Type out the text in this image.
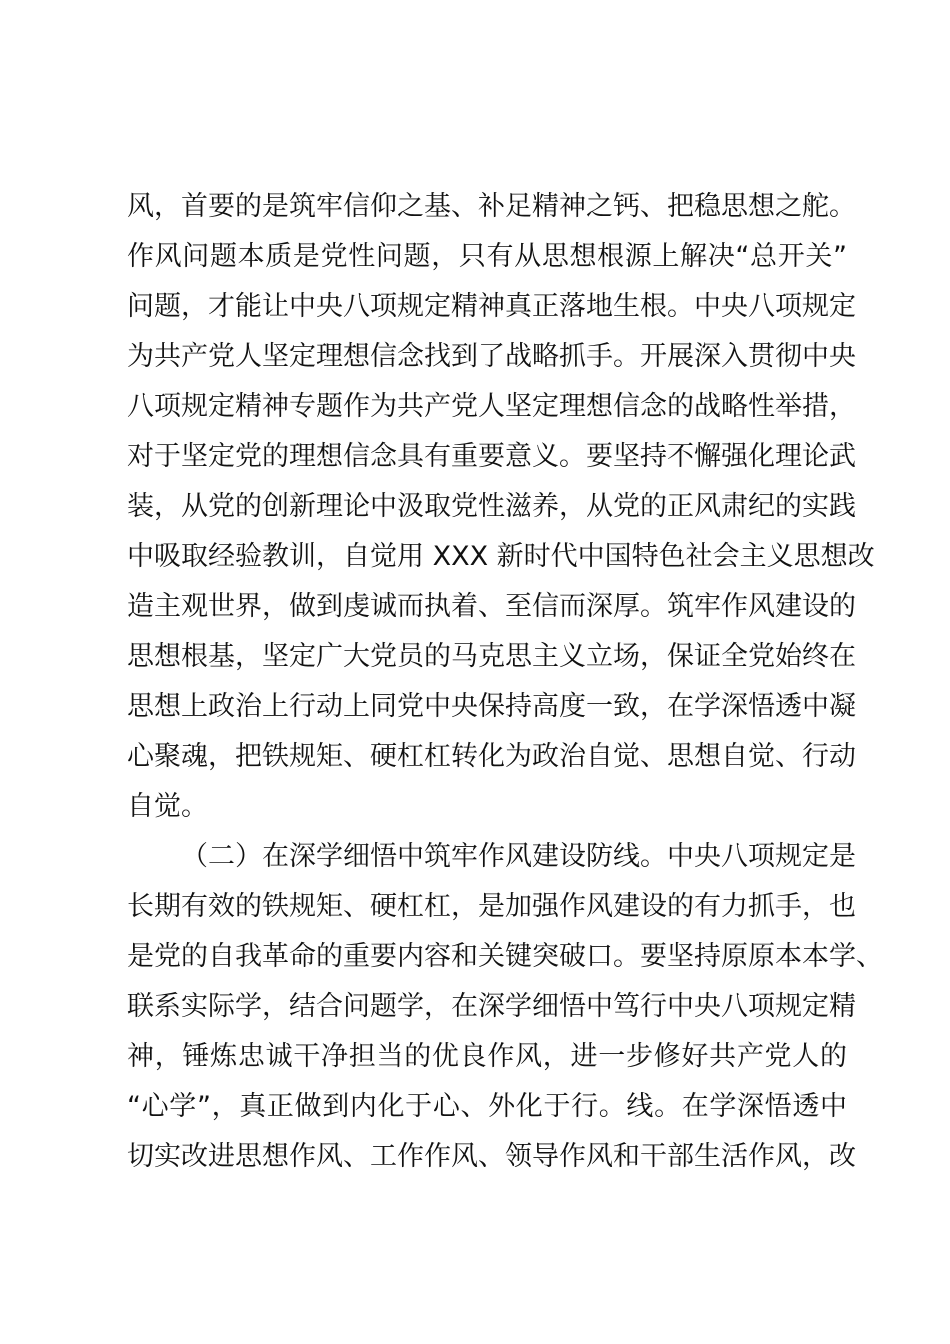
风，首要的是筑牢信仰之基、补足精神之钙、把稳思想之舵。
作风问题本质是党性问题，只有从思想根源上解决“总开关”
问题，才能让中央八项规定精神真正落地生根。中央八项规定
为共产党人坚定理想信念找到了战略抓手。开展深入贯彻中央
八项规定精神专题作为共产党人坚定理想信念的战略性举措，
对于坚定党的理想信念具有重要意义。要坚持不懈强化理论武
装，从党的创新理论中汲取党性滋养，从党的正风肃纪的实践
中吸取经验教训，自觉用 XXX 新时代中国特色社会主义思想改
造主观世界，做到虔诚而执着、至信而深厚。筑牢作风建设的
思想根基，坚定广大党员的马克思主义立场，保证全党始终在
思想上政治上行动上同党中央保持高度一致，在学深悟透中凝
心聚魂，把铁规矩、硬杠杠转化为政治自觉、思想自觉、行动
自觉。
（二）在深学细悟中筑牢作风建设防线。中央八项规定是
长期有效的铁规矩、硬杠杠，是加强作风建设的有力抓手，也
是党的自我革命的重要内容和关键突破口。要坚持原原本本学、
联系实际学，结合问题学，在深学细悟中笃行中央八项规定精
神，锤炼忠诚干净担当的优良作风，进一步修好共产党人的
“心学”，真正做到内化于心、外化于行。线。在学深悟透中
切实改进思想作风、工作作风、领导作风和干部生活作风，改
